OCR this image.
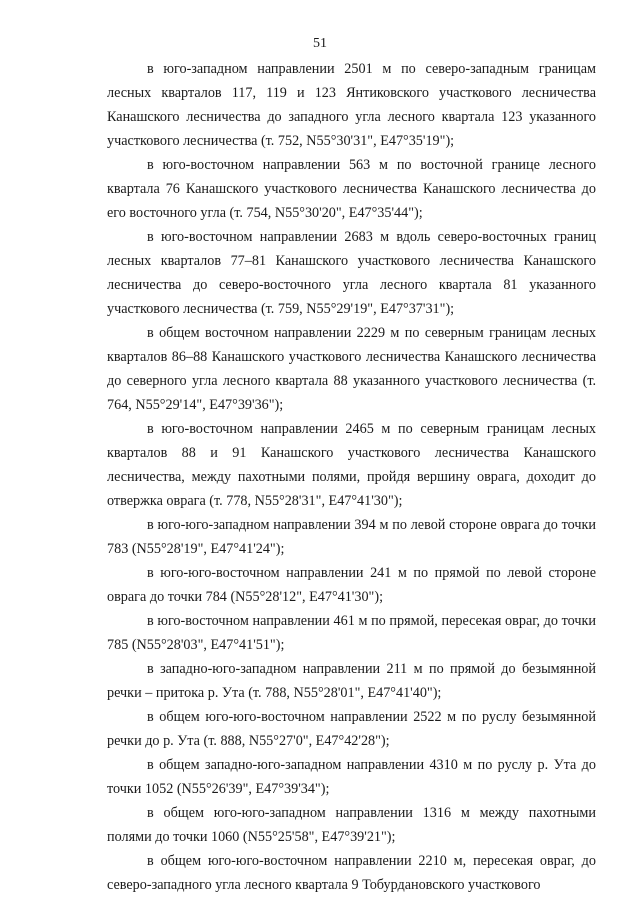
51

в юго-западном направлении 2501 м по северо-западным границам лесных кварталов 117, 119 и 123 Янтиковского участкового лесничества Канашского лесничества до западного угла лесного квартала 123 указанного участкового лесничества (т. 752, N55°30'31", E47°35'19");

в юго-восточном направлении 563 м по восточной границе лесного квартала 76 Канашского участкового лесничества Канашского лесничества до его восточного угла (т. 754, N55°30'20", E47°35'44");

в юго-восточном направлении 2683 м вдоль северо-восточных границ лесных кварталов 77–81 Канашского участкового лесничества Канашского лесничества до северо-восточного угла лесного квартала 81 указанного участкового лесничества (т. 759, N55°29'19", E47°37'31");

в общем восточном направлении 2229 м по северным границам лесных кварталов 86–88 Канашского участкового лесничества Канашского лесничества до северного угла лесного квартала 88 указанного участкового лесничества (т. 764, N55°29'14", E47°39'36");

в юго-восточном направлении 2465 м по северным границам лесных кварталов 88 и 91 Канашского участкового лесничества Канашского лесничества, между пахотными полями, пройдя вершину оврага, доходит до отвержка оврага (т. 778, N55°28'31", E47°41'30");

в юго-юго-западном направлении 394 м по левой стороне оврага до точки 783 (N55°28'19", E47°41'24");

в юго-юго-восточном направлении 241 м по прямой по левой стороне оврага до точки 784 (N55°28'12", E47°41'30");

в юго-восточном направлении 461 м по прямой, пересекая овраг, до точки 785 (N55°28'03", E47°41'51");

в западно-юго-западном направлении 211 м по прямой до безымянной речки – притока р. Ута (т. 788, N55°28'01", E47°41'40");

в общем юго-юго-восточном направлении 2522 м по руслу безымянной речки до р. Ута (т. 888, N55°27'0", E47°42'28");

в общем западно-юго-западном направлении 4310 м по руслу р. Ута до точки 1052 (N55°26'39", E47°39'34");

в общем юго-юго-западном направлении 1316 м между пахотными полями до точки 1060 (N55°25'58", E47°39'21");

в общем юго-юго-восточном направлении 2210 м, пересекая овраг, до северо-западного угла лесного квартала 9 Тобурдановского участкового
